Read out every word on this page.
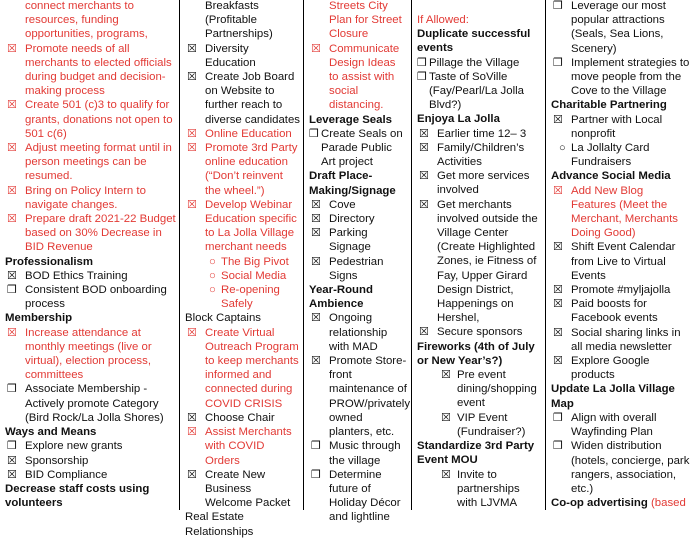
connect merchants to resources, funding opportunities, programs,
☒ Promote needs of all merchants to elected officials during budget and decision-making process
☒ Create 501 (c)3 to qualify for grants, donations not open to 501 c(6)
☒ Adjust meeting format until in person meetings can be resumed.
☒ Bring on Policy Intern to navigate changes.
☒ Prepare draft 2021-22 Budget based on 30% Decrease in BID Revenue
Professionalism
☒ BOD Ethics Training
❒ Consistent BOD onboarding process
Membership
☒ Increase attendance at monthly meetings (live or virtual), election process, committees
❒ Associate Membership - Actively promote Category (Bird Rock/La Jolla Shores)
Ways and Means
❒ Explore new grants
☒ Sponsorship
☒ BID Compliance
Decrease staff costs using volunteers
Breakfasts (Profitable Partnerships)
☒ Diversity Education
☒ Create Job Board on Website to further reach to diverse candidates
☒ Online Education
☒ Promote 3rd Party online education (“Don’t reinvent the wheel.”)
☒ Develop Webinar Education specific to La Jolla Village merchant needs
○ The Big Pivot
○ Social Media
○ Re-opening Safely
Block Captains
☒ Create Virtual Outreach Program to keep merchants informed and connected during COVID CRISIS
☒ Choose Chair
☒ Assist Merchants with COVID Orders
☒ Create New Business Welcome Packet
Real Estate Relationships
Streets City Plan for Street Closure
☒ Communicate Design Ideas to assist with social distancing.
Leverage Seals
❒ Create Seals on Parade Public Art project
Draft Place-Making/Signage
☒ Cove
☒ Directory
☒ Parking Signage
☒ Pedestrian Signs
Year-Round Ambience
☒ Ongoing relationship with MAD
☒ Promote Store-front maintenance of PROW/privately owned planters, etc.
❒ Music through the village
❒ Determine future of Holiday Décor and lightline
If Allowed:
Duplicate successful events
❒ Pillage the Village
❒ Taste of SoVille (Fay/Pearl/La Jolla Blvd?)
Enjoya La Jolla
☒ Earlier time 12– 3
☒ Family/Children’s Activities
☒ Get more services involved
☒ Get merchants involved outside the Village Center (Create Highlighted Zones, ie Fitness of Fay, Upper Girard Design District, Happenings on Hershel,
☒ Secure sponsors
Fireworks (4th of July or New Year’s?)
☒ Pre event dining/shopping event
☒ VIP Event (Fundraiser?)
Standardize 3rd Party Event MOU
☒ Invite to partnerships with LJVMA
❒ Leverage our most popular attractions (Seals, Sea Lions, Scenery)
❒ Implement strategies to move people from the Cove to the Village
Charitable Partnering
☒ Partner with Local nonprofit
○ La Jollalty Card Fundraisers
Advance Social Media
☒ Add New Blog Features (Meet the Merchant, Merchants Doing Good)
☒ Shift Event Calendar from Live to Virtual Events
☒ Promote #myljajolla
☒ Paid boosts for Facebook events
☒ Social sharing links in all media newsletter
☒ Explore Google products
Update La Jolla Village Map
❒ Align with overall Wayfinding Plan
❒ Widen distribution (hotels, concierge, park rangers, association, etc.)
Co-op advertising (based
